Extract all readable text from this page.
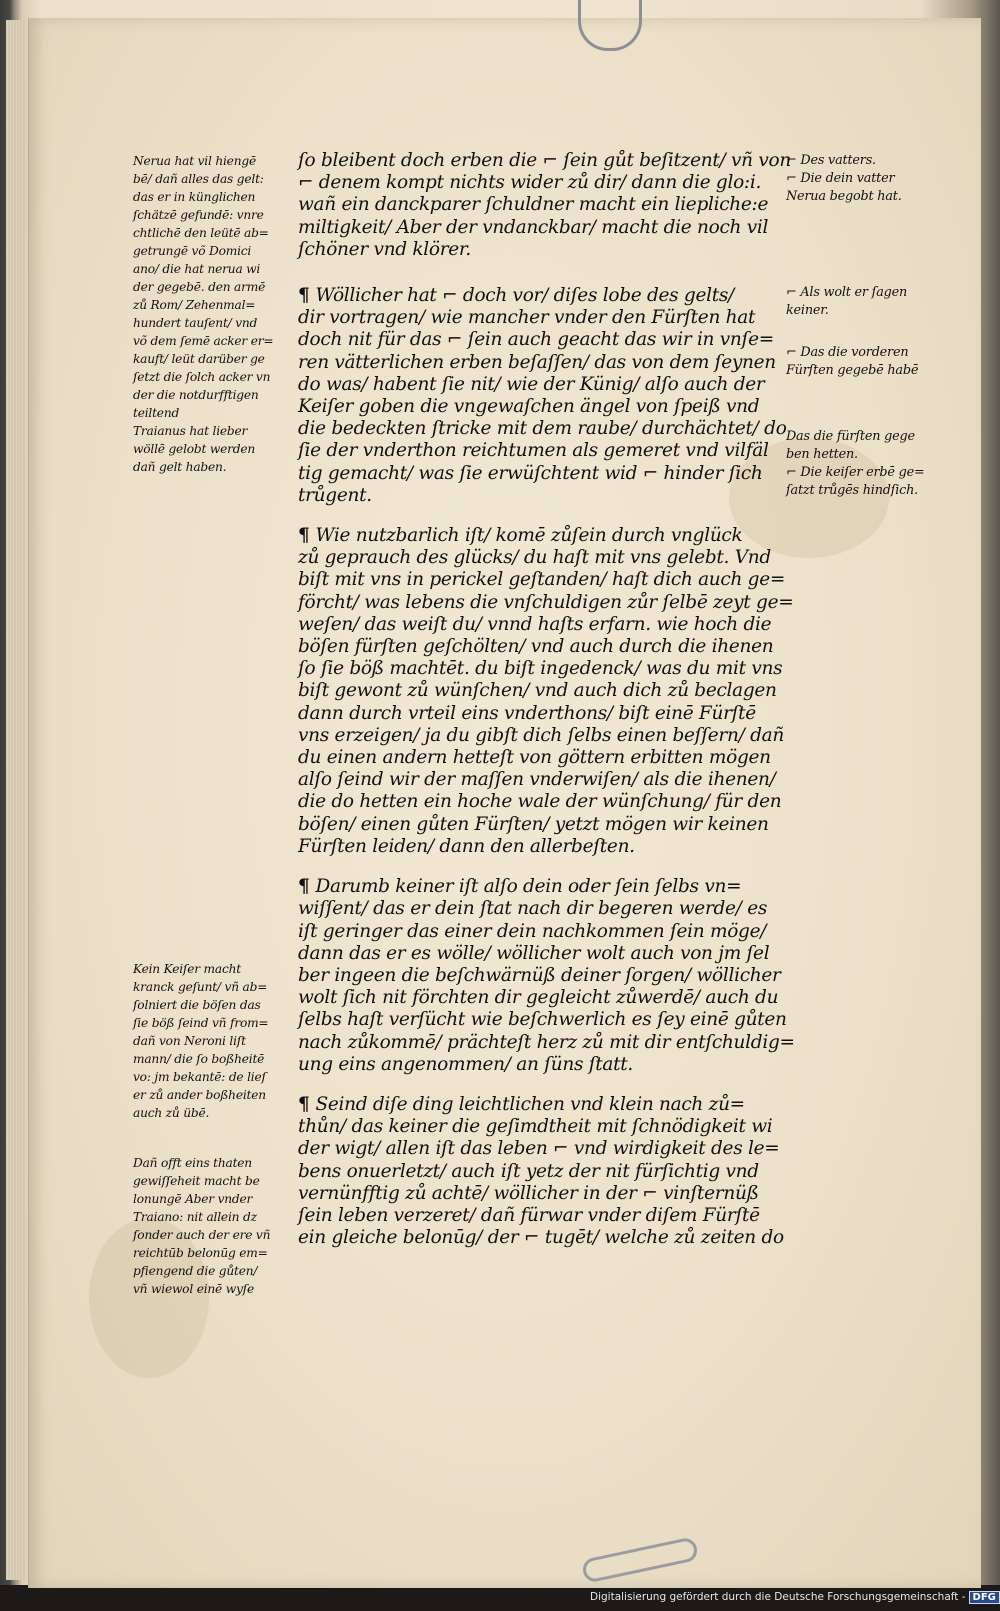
ſo bleibent doch erben die ⌐ ſein gůt beſitzent/ vñ von
⌐ denem kompt nichts wider zů dir/ dann die glo:i.
wañ ein danckparer ſchuldner macht ein liepliche:e
miltigkeit/ Aber der vndanckbar/ macht die noch vil
ſchöner vnd klörer.

¶ Wöllicher hat ⌐ doch vor/ diſes lobe des gelts/
dir vortragen/ wie mancher vnder den Fürſten hat
doch nit für das ⌐ ſein auch geacht das wir in vnſe=
ren vätterlichen erben beſaſſen/ das von dem ſeynen
do was/ habent ſie nit/ wie der Künig/ alſo auch der
Keiſer goben die vngewaſchen ängel von ſpeiß vnd
die bedeckten ſtricke mit dem raube/ durchächtet/ do
ſie der vnderthon reichtumen als gemeret vnd vilfäl
tig gemacht/ was ſie erwüſchtent wid ⌐ hinder ſich
trůgent.

¶ Wie nutzbarlich iſt/ komē zůſein durch vnglück
zů geprauch des glücks/ du haſt mit vns gelebt. Vnd
biſt mit vns in perickel geſtanden/ haſt dich auch ge=
förcht/ was lebens die vnſchuldigen zůr ſelbē zeyt ge=
weſen/ das weiſt du/ vnnd haſts erfarn. wie hoch die
böſen fürſten geſchölten/ vnd auch durch die ihenen
ſo ſie böß machtēt. du biſt ingedenck/ was du mit vns
biſt gewont zů wünſchen/ vnd auch dich zů beclagen
dann durch vrteil eins vnderthons/ biſt einē Fürſtē
vns erzeigen/ ja du gibſt dich ſelbs einen beſſern/ dañ
du einen andern hetteſt von göttern erbitten mögen
alſo ſeind wir der maſſen vnderwiſen/ als die ihenen/
die do hetten ein hoche wale der wünſchung/ für den
böſen/ einen gůten Fürſten/ yetzt mögen wir keinen
Fürſten leiden/ dann den allerbeſten.

¶ Darumb keiner iſt alſo dein oder ſein ſelbs vn=
wiſſent/ das er dein ſtat nach dir begeren werde/ es
iſt geringer das einer dein nachkommen ſein möge/
dann das er es wölle/ wöllicher wolt auch von jm ſel
ber ingeen die beſchwärnüß deiner ſorgen/ wöllicher
wolt ſich nit förchten dir gegleicht zůwerdē/ auch du
ſelbs haſt verſücht wie beſchwerlich es ſey einē gůten
nach zůkommē/ prächteſt herz zů mit dir entſchuldig=
ung eins angenommen/ an ſüns ſtatt.

¶ Seind diſe ding leichtlichen vnd klein nach zů=
thůn/ das keiner die geſimdtheit mit ſchnödigkeit wi
der wigt/ allen iſt das leben ⌐ vnd wirdigkeit des le=
bens onuerletzt/ auch iſt yetz der nit fürſichtig vnd
vernünfftig zů achtē/ wöllicher in der ⌐ vinſternüß
ſein leben verzeret/ dañ fürwar vnder diſem Fürſtē
ein gleiche belonūg/ der ⌐ tugēt/ welche zů zeiten do

Nerua hat vil hiengē
bē/ dañ alles das gelt:
das er in künglichen
ſchätzē gefundē: vnre
chtlichē den leütē ab=
getrungē võ Domici
ano/ die hat nerua wi
der gegebē. den armē
zů Rom/ Zehenmal=
hundert tauſent/ vnd
võ dem ſemē acker er=
kauft/ leüt darüber ge
ſetzt die ſolch acker vn
der die notdurfftigen
teiltend
Traianus hat lieber
wöllē gelobt werden
dañ gelt haben.
Kein Keiſer macht
kranck geſunt/ vñ ab=
ſolniert die böſen das
ſie böß ſeind vñ from=
dañ von Neroni liſt
mann/ die ſo boßheitē
vo: jm bekantē: de lieſ
er zů ander boßheiten
auch zů übē.
Dañ offt eins thaten
gewiſſeheit macht be
lonungē Aber vnder
Traiano: nit allein dz
ſonder auch der ere vñ
reichtūb belonūg em=
pfiengend die gůten/
vñ wiewol einē wyſe
⌐ Des vatters.
⌐ Die dein vatter
Nerua begobt hat.
⌐ Als wolt er ſagen
keiner.
⌐ Das die vorderen
Fürſten gegebē habē
Das die fürſten gege
ben hetten.
⌐ Die keiſer erbē ge=
ſatzt trůgēs hindſich.
Digitalisierung gefördert durch die Deutsche Forschungsgemeinschaft - DFG
